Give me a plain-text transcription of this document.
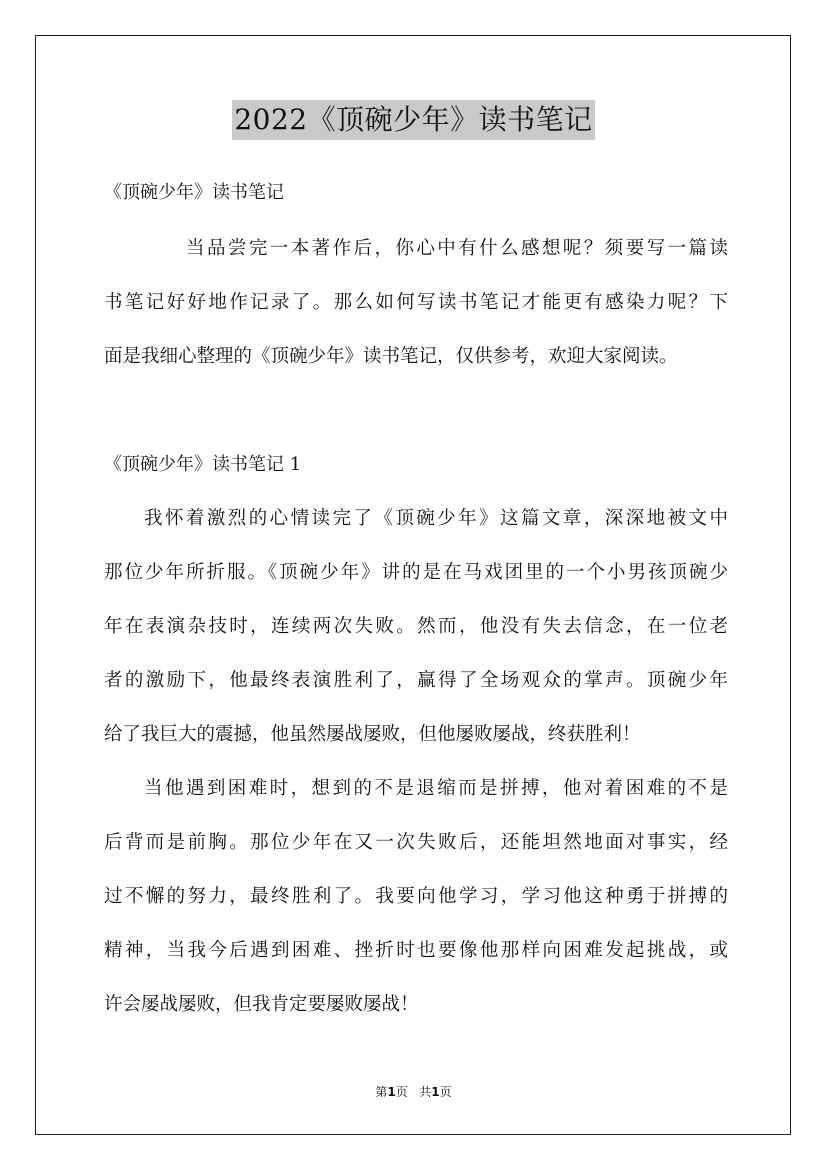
2022《顶碗少年》读书笔记
《顶碗少年》读书笔记
当品尝完一本著作后，你心中有什么感想呢？须要写一篇读
书笔记好好地作记录了。那么如何写读书笔记才能更有感染力呢？下
面是我细心整理的《顶碗少年》读书笔记，仅供参考，欢迎大家阅读。
《顶碗少年》读书笔记 1
我怀着激烈的心情读完了《顶碗少年》这篇文章，深深地被文中
那位少年所折服。《顶碗少年》讲的是在马戏团里的一个小男孩顶碗少
年在表演杂技时，连续两次失败。然而，他没有失去信念，在一位老
者的激励下，他最终表演胜利了，赢得了全场观众的掌声。顶碗少年
给了我巨大的震撼，他虽然屡战屡败，但他屡败屡战，终获胜利！
当他遇到困难时，想到的不是退缩而是拼搏，他对着困难的不是
后背而是前胸。那位少年在又一次失败后，还能坦然地面对事实，经
过不懈的努力，最终胜利了。我要向他学习，学习他这种勇于拼搏的
精神，当我今后遇到困难、挫折时也要像他那样向困难发起挑战，或
许会屡战屡败，但我肯定要屡败屡战！
第1页   共1页
